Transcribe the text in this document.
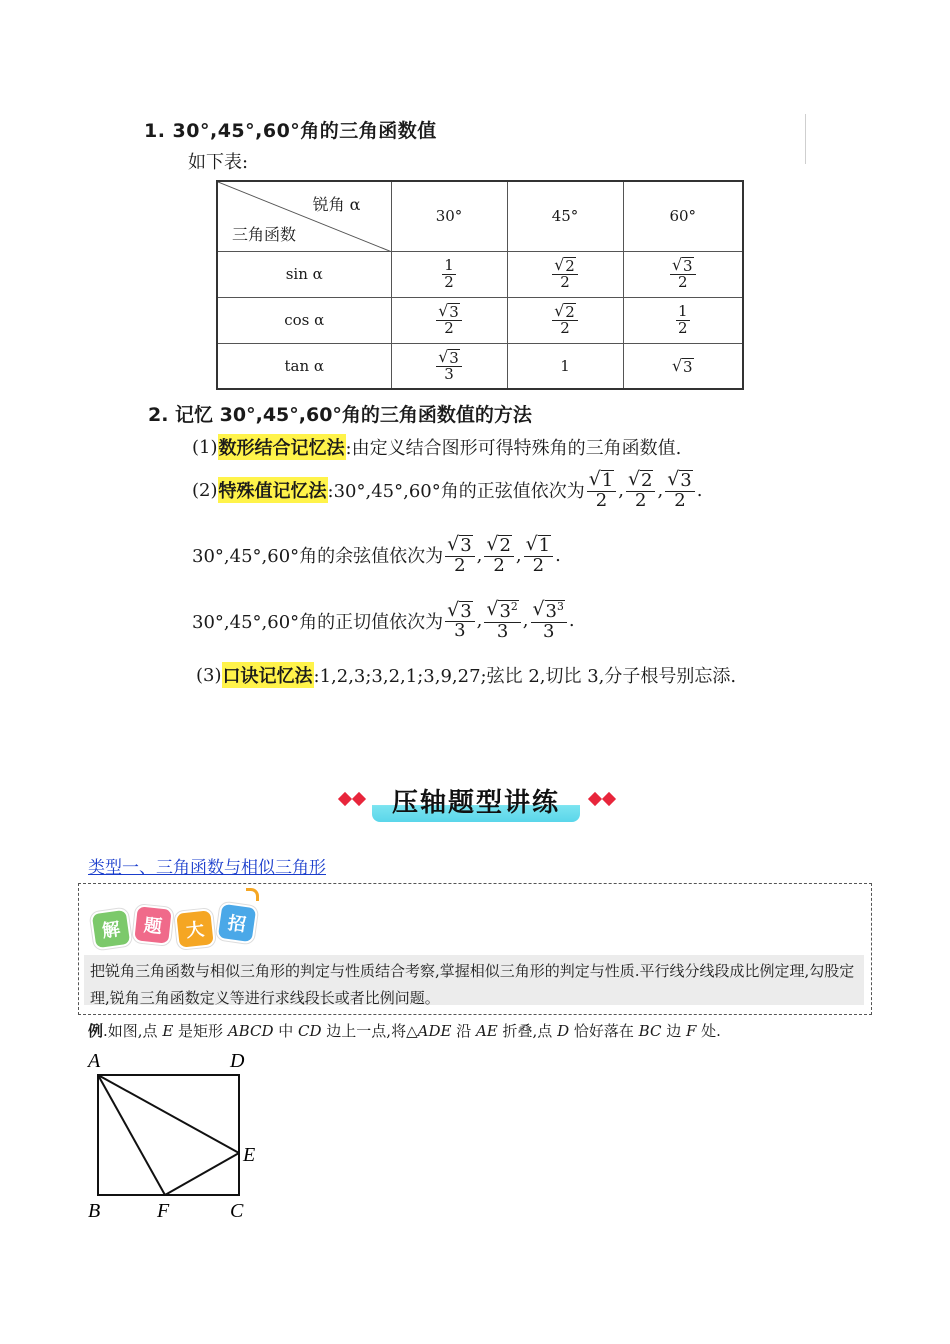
1. 30°,45°,60°角的三角函数值
如下表:
锐角 α
三角函数	30°	45°	60°
sin α	$\frac{1}{2}$	$\frac{√ 2}{2}$	$\frac{√ 3}{2}$

cos α	$\frac{√ 3}{2}$	$\frac{√ 2}{2}$	$\frac{1}{2}$

tan α	$\frac{√ 3}{3}$	1	√ 3
2. 记忆 30°,45°,60°角的三角函数值的方法
(1) 数形结合记忆法 :由定义结合图形可得特殊角的三角函数值.
(2) 特殊值记忆法 :30°,45°,60°角的正弦值依次为 $\frac{√ 1}{2}$ , $\frac{√ 2}{2}$ , $\frac{√ 3}{2}$ .
30°,45°,60°角的余弦值依次为 $\frac{√ 3}{2}$ , $\frac{√ 2}{2}$ , $\frac{√ 1}{2}$ .
30°,45°,60°角的正切值依次为 $\frac{√ 3}{3}$ , $\frac{√ 3^2}{3}$ , $\frac{√ 3^3}{3}$ .
(3) 口诀记忆法 :1,2,3;3,2,1;3,9,27;弦比 2,切比 3,分子根号别忘添.
压轴题型讲练
类型一、三角函数与相似三角形
解	题	大	招
把锐角三角函数与相似三角形的判定与性质结合考察,掌握相似三角形的判定与性质.平行线分线段成比例定理,勾股定理,锐角三角函数定义等进行求线段长或者比例问题。
例.如图,点 E 是矩形 ABCD 中 CD 边上一点,将△ADE 沿 AE 折叠,点 D 恰好落在 BC 边 F 处.
A	D
B	F	C
E
